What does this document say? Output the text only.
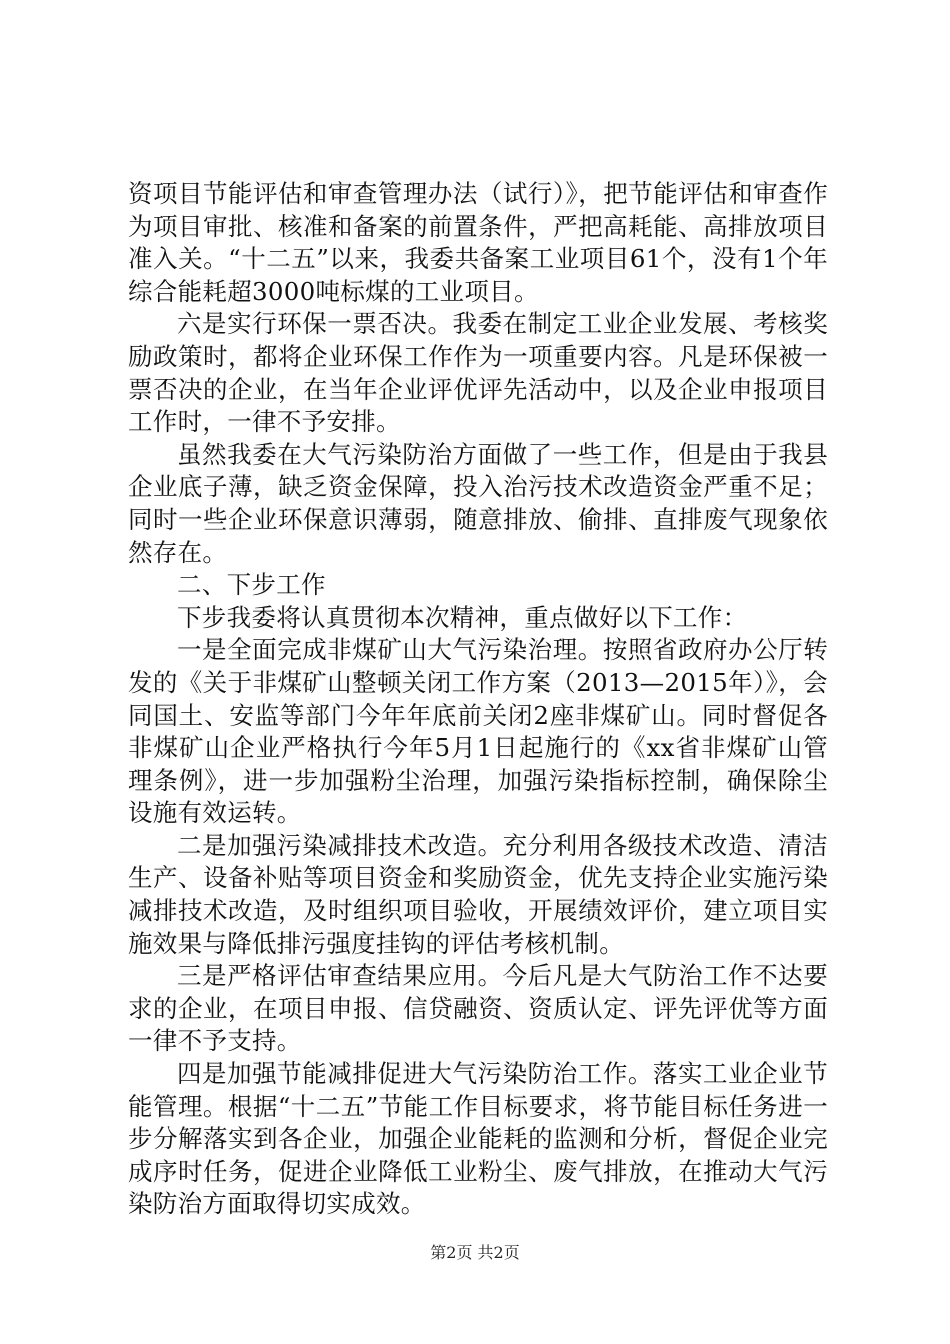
资项目节能评估和审查管理办法（试行）》，把节能评估和审查作为项目审批、核准和备案的前置条件，严把高耗能、高排放项目准入关。“十二五”以来，我委共备案工业项目61个，没有1个年综合能耗超3000吨标煤的工业项目。

六是实行环保一票否决。我委在制定工业企业发展、考核奖励政策时，都将企业环保工作作为一项重要内容。凡是环保被一票否决的企业，在当年企业评优评先活动中，以及企业申报项目工作时，一律不予安排。

虽然我委在大气污染防治方面做了一些工作，但是由于我县企业底子薄，缺乏资金保障，投入治污技术改造资金严重不足；同时一些企业环保意识薄弱，随意排放、偷排、直排废气现象依然存在。

二、下步工作

下步我委将认真贯彻本次精神，重点做好以下工作：

一是全面完成非煤矿山大气污染治理。按照省政府办公厅转发的《关于非煤矿山整顿关闭工作方案（2013—2015年）》，会同国土、安监等部门今年年底前关闭2座非煤矿山。同时督促各非煤矿山企业严格执行今年5月1日起施行的《xx省非煤矿山管理条例》，进一步加强粉尘治理，加强污染指标控制，确保除尘设施有效运转。

二是加强污染减排技术改造。充分利用各级技术改造、清洁生产、设备补贴等项目资金和奖励资金，优先支持企业实施污染减排技术改造，及时组织项目验收，开展绩效评价，建立项目实施效果与降低排污强度挂钩的评估考核机制。

三是严格评估审查结果应用。今后凡是大气防治工作不达要求的企业，在项目申报、信贷融资、资质认定、评先评优等方面一律不予支持。

四是加强节能减排促进大气污染防治工作。落实工业企业节能管理。根据“十二五”节能工作目标要求，将节能目标任务进一步分解落实到各企业，加强企业能耗的监测和分析，督促企业完成序时任务，促进企业降低工业粉尘、废气排放，在推动大气污染防治方面取得切实成效。

第2页 共2页
